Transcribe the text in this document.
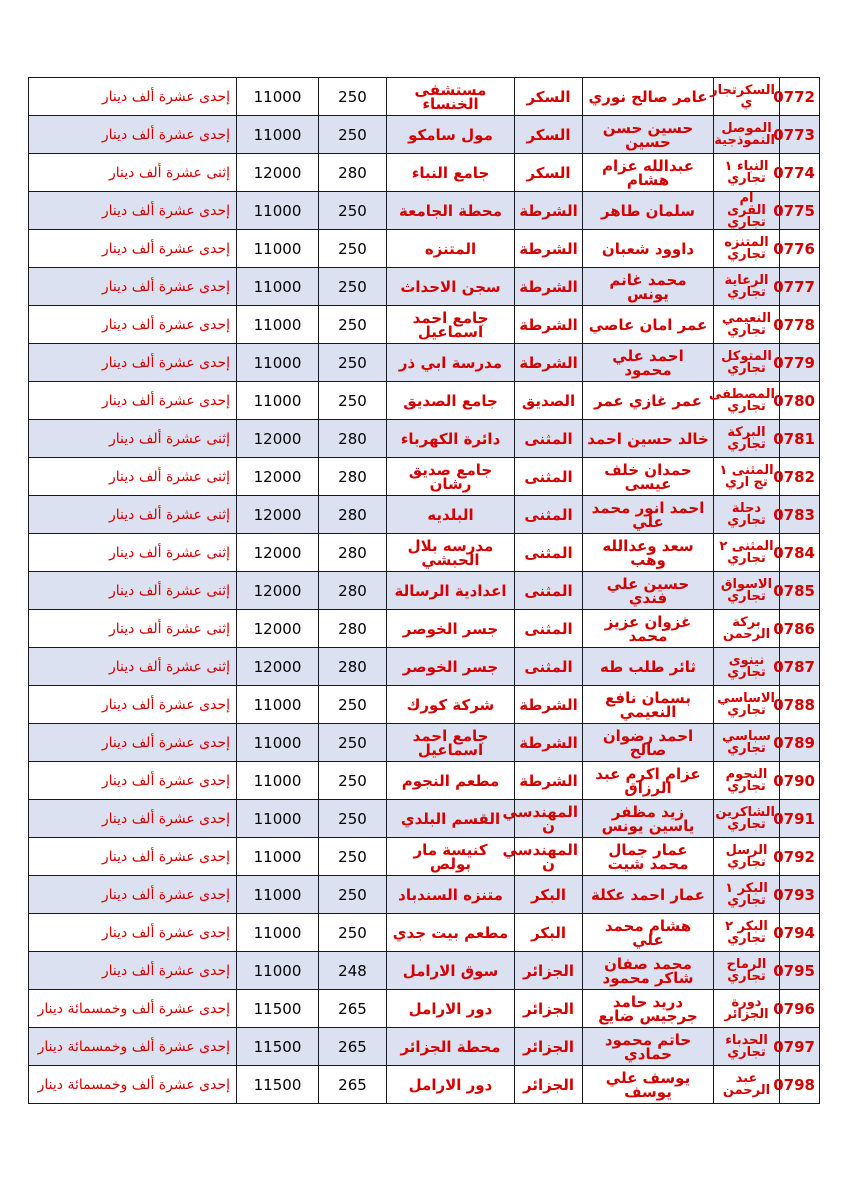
0772	السكرتجار ي	عامر صالح نوري	السكر	مستشفى الخنساء	250	11000	إحدى عشرة ألف دينار
0773	الموصل النموذجية	حسين حسن حسين	السكر	مول سامكو	250	11000	إحدى عشرة ألف دينار
0774	النباء ١ تجاري	عبدالله عزام هشام	السكر	جامع النباء	280	12000	إثنى عشرة ألف دينار
0775	ام القرى تجاري	سلمان طاهر	الشرطة	محطة الجامعة	250	11000	إحدى عشرة ألف دينار
0776	المتنزه تجاري	داوود شعبان	الشرطة	المتنزه	250	11000	إحدى عشرة ألف دينار
0777	الرعاية تجاري	محمد غانم يونس	الشرطة	سجن الاحداث	250	11000	إحدى عشرة ألف دينار
0778	النعيمي تجاري	عمر امان عاصي	الشرطة	جامع احمد اسماعيل	250	11000	إحدى عشرة ألف دينار
0779	المتوكل تجاري	احمد علي محمود	الشرطة	مدرسة ابي ذر	250	11000	إحدى عشرة ألف دينار
0780	المصطفى تجاري	عمر غازي عمر	الصديق	جامع الصديق	250	11000	إحدى عشرة ألف دينار
0781	البركة تجاري	خالد حسين احمد	المثنى	دائرة الكهرباء	280	12000	إثنى عشرة ألف دينار
0782	المثنى ١ تج اري	حمدان خلف عيسى	المثنى	جامع صديق رشان	280	12000	إثنى عشرة ألف دينار
0783	دجلة تجاري	احمد انور محمد علي	المثنى	البلديه	280	12000	إثنى عشرة ألف دينار
0784	المثنى ٢ تجاري	سعد وعدالله وهب	المثنى	مدرسه بلال الحبشي	280	12000	إثنى عشرة ألف دينار
0785	الاسواق تجاري	حسين علي فندي	المثنى	اعدادية الرسالة	280	12000	إثنى عشرة ألف دينار
0786	بركة الرحمن	غزوان عزيز محمد	المثنى	جسر الخوصر	280	12000	إثنى عشرة ألف دينار
0787	نينوى تجاري	ثائر طلب طه	المثنى	جسر الخوصر	280	12000	إثنى عشرة ألف دينار
0788	الاساسي تجاري	بسمان نافع النعيمي	الشرطة	شركة كورك	250	11000	إحدى عشرة ألف دينار
0789	سباسي تجاري	احمد رضوان صالح	الشرطة	جامع احمد اسماعيل	250	11000	إحدى عشرة ألف دينار
0790	النجوم تجاري	عزام اكرم عبد الرزاق	الشرطة	مطعم النجوم	250	11000	إحدى عشرة ألف دينار
0791	الشاكرين تجاري	زيد مظفر ياسين يونس	المهندسي ن	القسم البلدي	250	11000	إحدى عشرة ألف دينار
0792	الرسل تجاري	عمار جمال محمد شيت	المهندسي ن	كنيسة مار بولص	250	11000	إحدى عشرة ألف دينار
0793	البكر ١ تجاري	عمار احمد عكلة	البكر	متنزه السندباد	250	11000	إحدى عشرة ألف دينار
0794	البكر ٢ تجاري	هشام محمد علي	البكر	مطعم بيت جدي	250	11000	إحدى عشرة ألف دينار
0795	الرماح تجاري	محمد صفان شاكر محمود	الجزائر	سوق الارامل	248	11000	إحدى عشرة ألف دينار
0796	دورة الجزائر	دريد حامد جرجيس ضايع	الجزائر	دور الارامل	265	11500	إحدى عشرة ألف وخمسمائة دينار
0797	الحدباء تجاري	حاتم محمود حمادي	الجزائر	محطة الجزائر	265	11500	إحدى عشرة ألف وخمسمائة دينار
0798	عبد الرحمن	يوسف علي يوسف	الجزائر	دور الارامل	265	11500	إحدى عشرة ألف وخمسمائة دينار
